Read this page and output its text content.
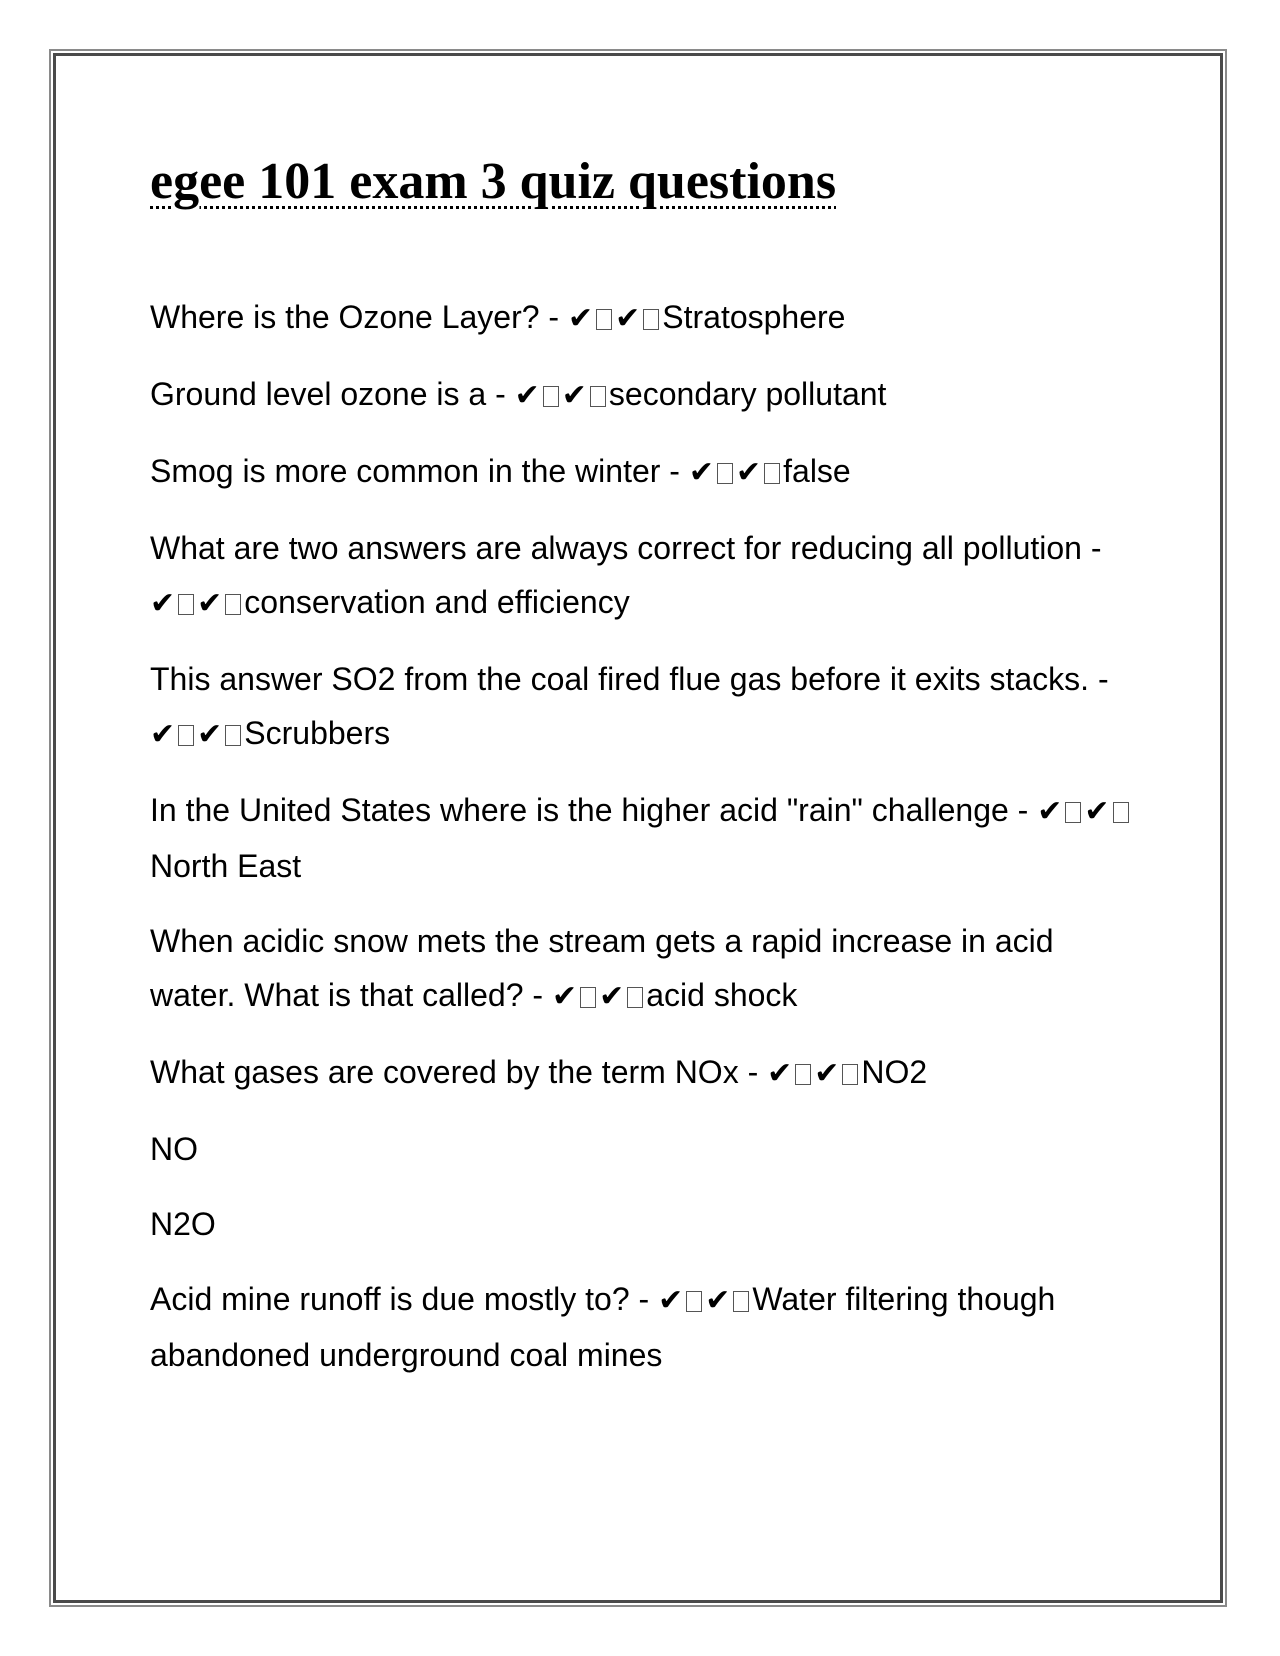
egee 101 exam 3 quiz questions
Where is the Ozone Layer? - ✔ ✔ Stratosphere
Ground level ozone is a - ✔ ✔ secondary pollutant
Smog is more common in the winter - ✔ ✔ false
What are two answers are always correct for reducing all pollution - ✔ ✔ conservation and efficiency
This answer SO2 from the coal fired flue gas before it exits stacks. - ✔ ✔ Scrubbers
In the United States where is the higher acid "rain" challenge - ✔ ✔North East
When acidic snow mets the stream gets a rapid increase in acid water. What is that called? - ✔ ✔ acid shock
What gases are covered by the term NOx - ✔ ✔ NO2
NO
N2O
Acid mine runoff is due mostly to? - ✔ ✔ Water filtering though abandoned underground coal mines
